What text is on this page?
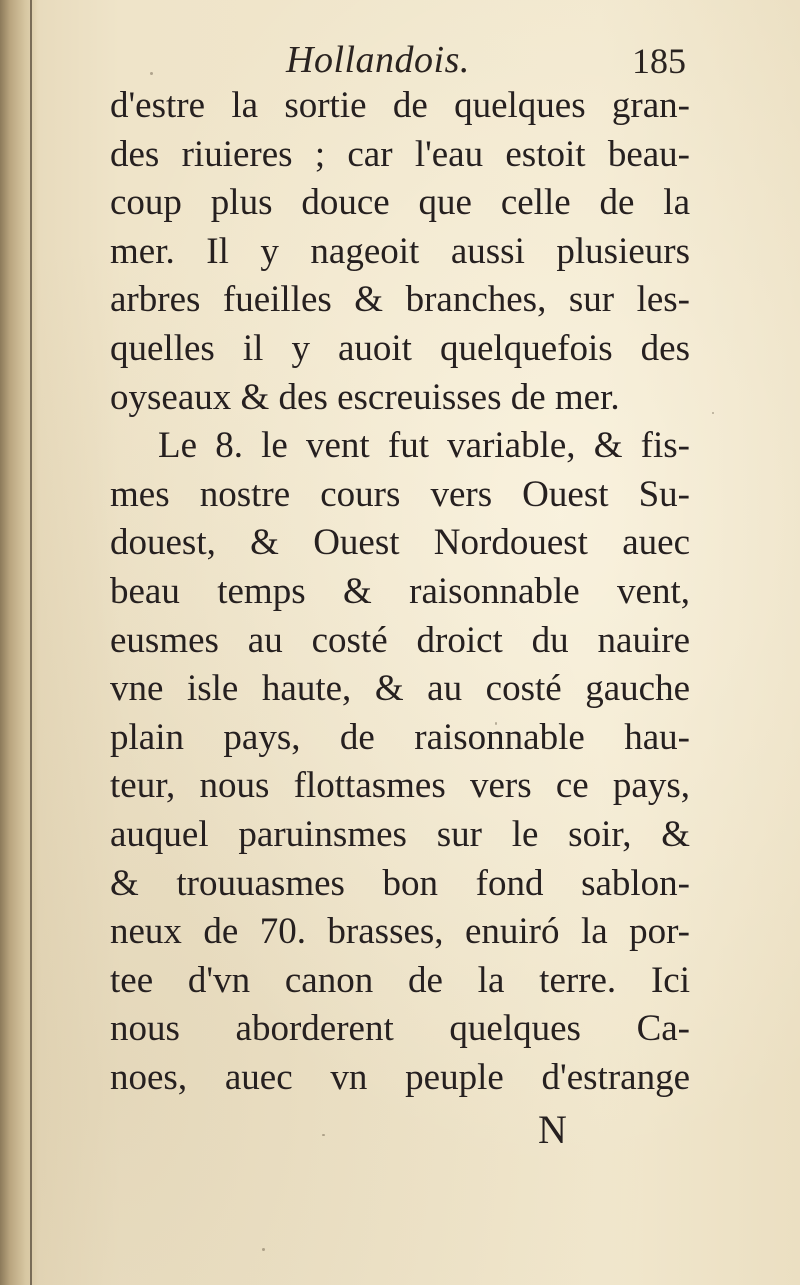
Hollandois.	185
d'estre la sortie de quelques gran-
des riuieres ; car l'eau estoit beau-
coup plus douce que celle de la
mer. Il y nageoit aussi plusieurs
arbres fueilles & branches, sur les-
quelles il y auoit quelquefois des
oyseaux & des escreuisses de mer.
Le 8. le vent fut variable, & fis-
mes nostre cours vers Ouest Su-
douest, & Ouest Nordouest auec
beau temps & raisonnable vent,
eusmes au costé droict du nauire
vne isle haute, & au costé gauche
plain pays, de raisonnable hau-
teur, nous flottasmes vers ce pays,
auquel paruinsmes sur le soir, &
& trouuasmes bon fond sablon-
neux de 70. brasses, enuiró la por-
tee d'vn canon de la terre. Ici
nous aborderent quelques Ca-
noes, auec vn peuple d'estrange
N
